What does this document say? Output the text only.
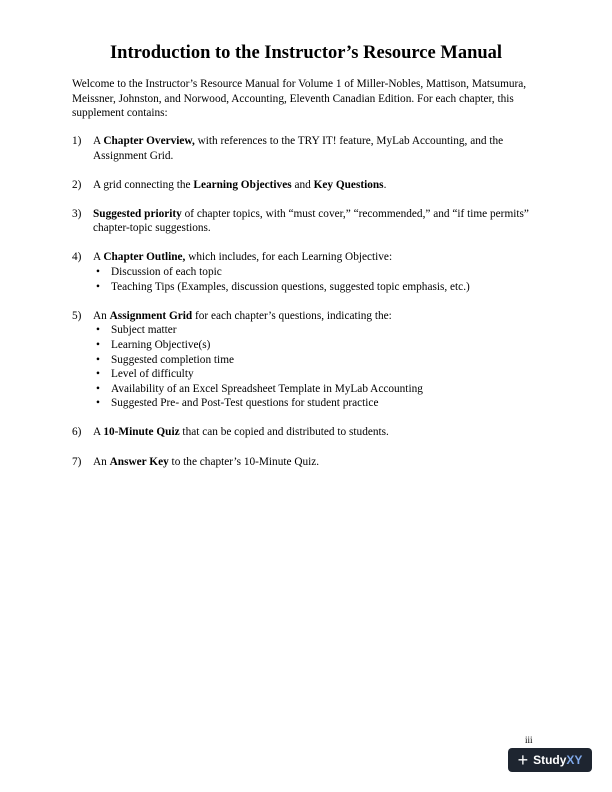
Introduction to the Instructor’s Resource Manual
Welcome to the Instructor’s Resource Manual for Volume 1 of Miller-Nobles, Mattison, Matsumura, Meissner, Johnston, and Norwood, Accounting, Eleventh Canadian Edition. For each chapter, this supplement contains:
1)	A Chapter Overview, with references to the TRY IT! feature, MyLab Accounting, and the Assignment Grid.
2)	A grid connecting the Learning Objectives and Key Questions.
3)	Suggested priority of chapter topics, with “must cover,” “recommended,” and “if time permits” chapter-topic suggestions.
4)	A Chapter Outline, which includes, for each Learning Objective:
• Discussion of each topic
• Teaching Tips (Examples, discussion questions, suggested topic emphasis, etc.)
5)	An Assignment Grid for each chapter’s questions, indicating the:
• Subject matter
• Learning Objective(s)
• Suggested completion time
• Level of difficulty
• Availability of an Excel Spreadsheet Template in MyLab Accounting
• Suggested Pre- and Post-Test questions for student practice
6)	A 10-Minute Quiz that can be copied and distributed to students.
7)	An Answer Key to the chapter’s 10-Minute Quiz.
iii
+ Study XY
